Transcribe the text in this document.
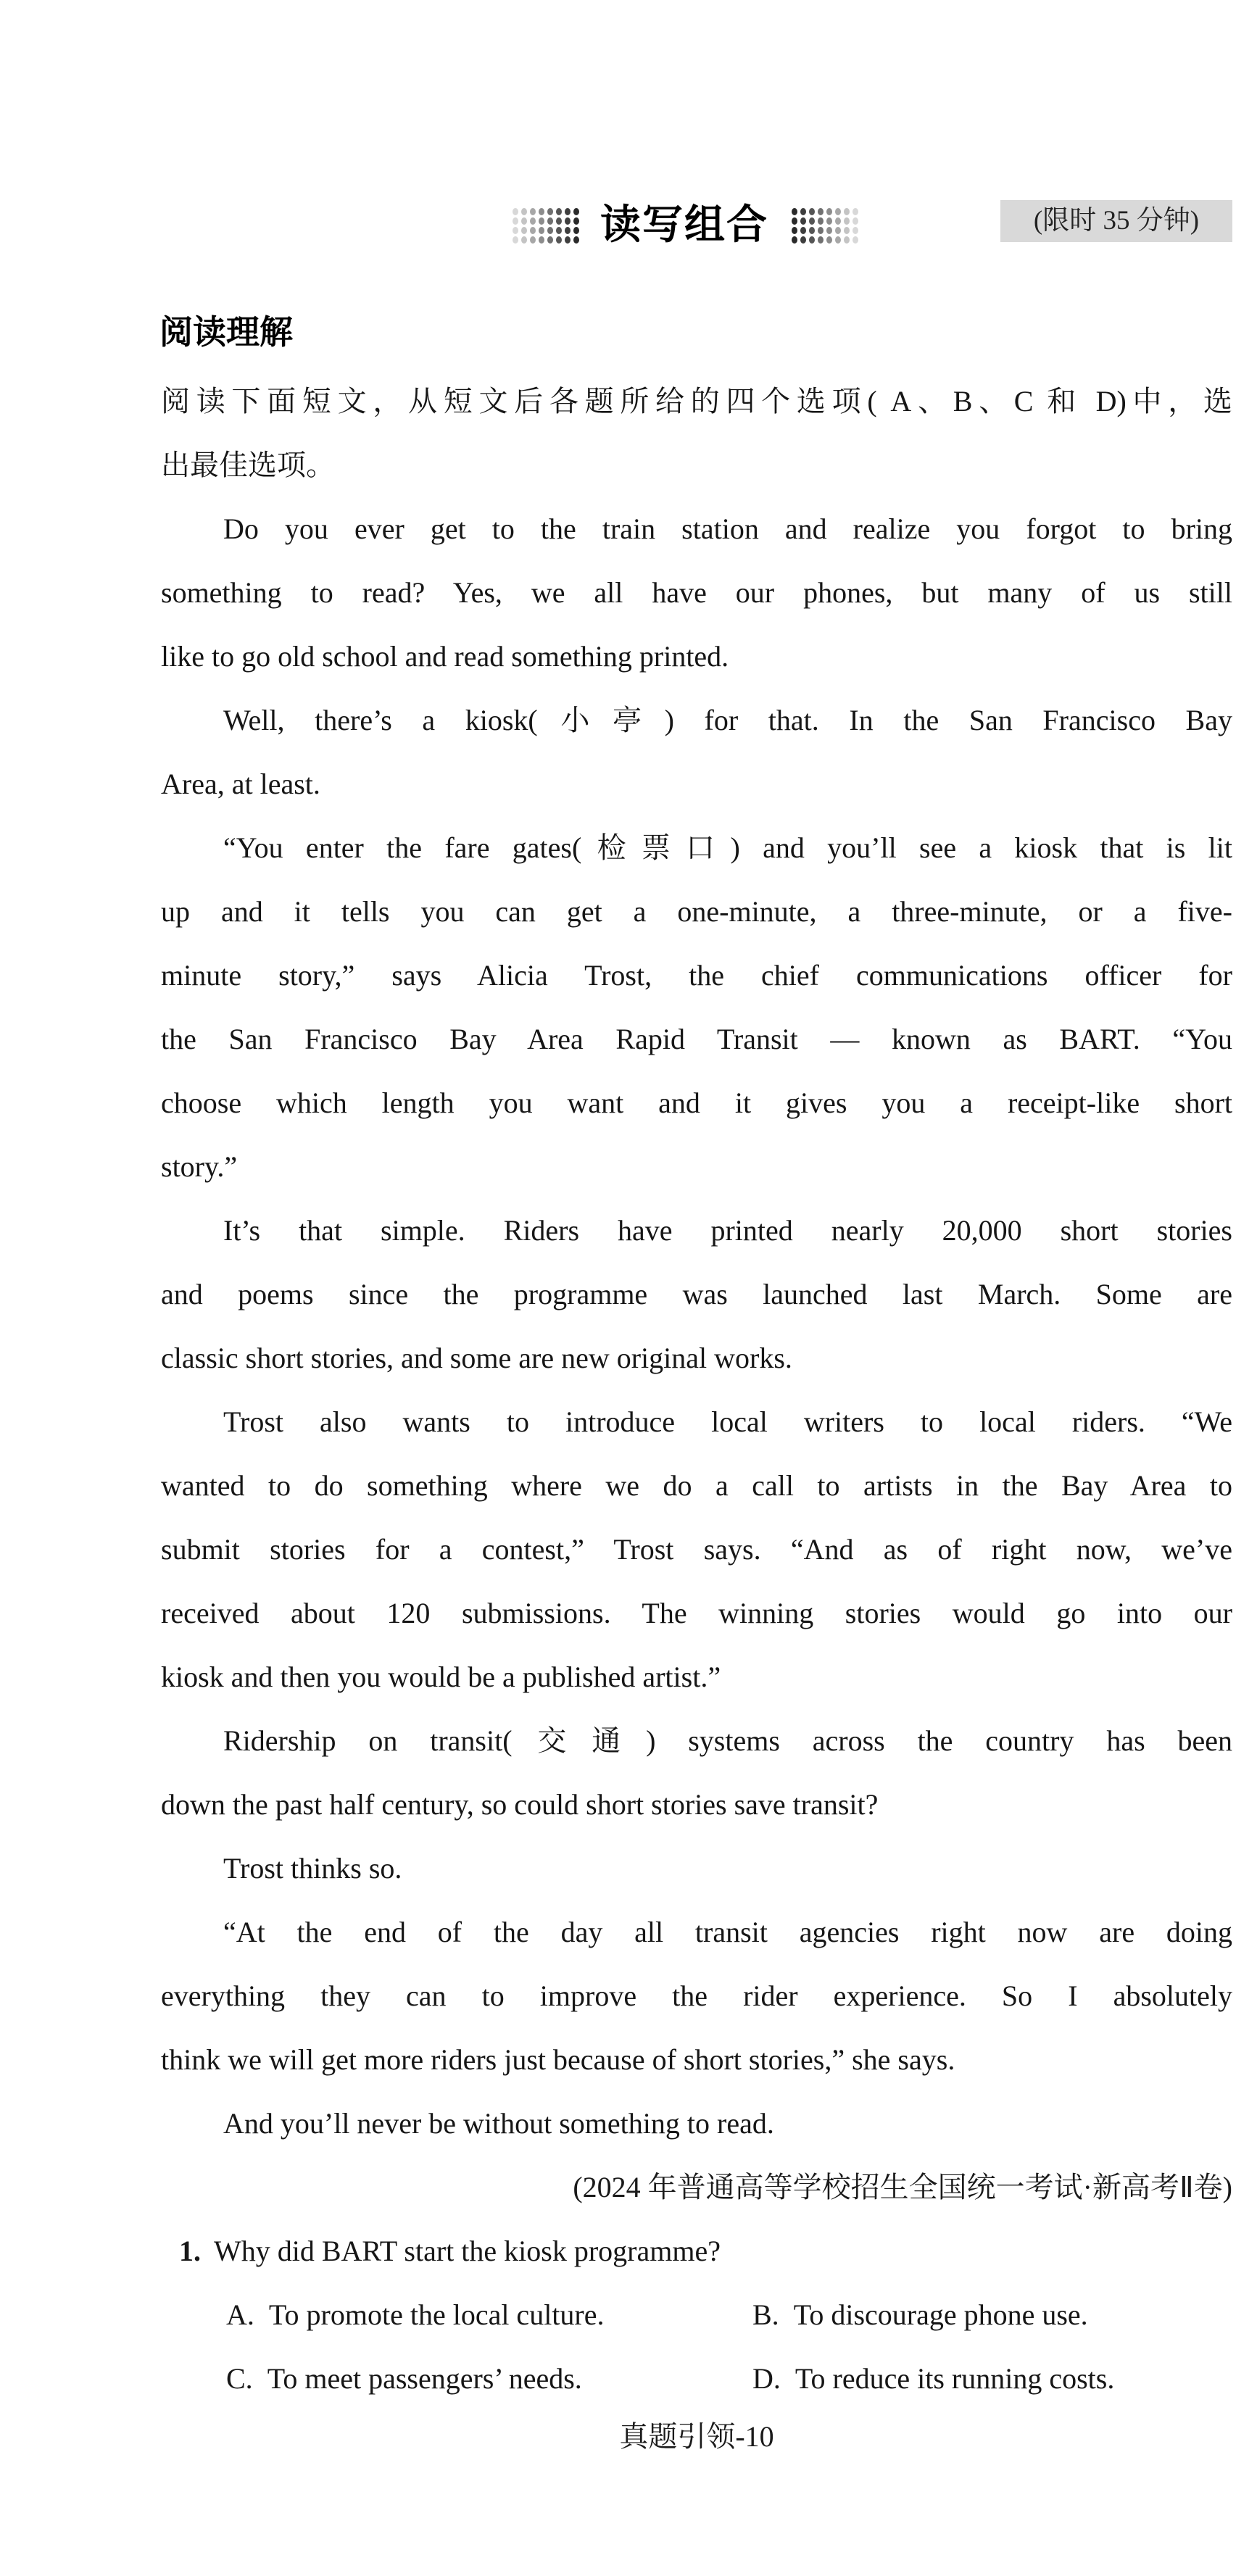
读写组合	(限时 35 分钟)
阅读理解
阅读下面短文，从短文后各题所给的四个选项( A、B、C 和 D)中，选
出最佳选项。
Do you ever get to the train station and realize you forgot to bring
something to read? Yes, we all have our phones, but many of us still
like to go old school and read something printed.
Well, there’s a kiosk(小亭) for that. In the San Francisco Bay
Area, at least.
“You enter the fare gates(检票口) and you’ll see a kiosk that is lit
up and it tells you can get a one-minute, a three-minute, or a five-
minute story,” says Alicia Trost, the chief communications officer for
the San Francisco Bay Area Rapid Transit — known as BART. “You
choose which length you want and it gives you a receipt-like short
story.”
It’s that simple. Riders have printed nearly 20,000 short stories
and poems since the programme was launched last March. Some are
classic short stories, and some are new original works.
Trost also wants to introduce local writers to local riders. “We
wanted to do something where we do a call to artists in the Bay Area to
submit stories for a contest,” Trost says. “And as of right now, we’ve
received about 120 submissions. The winning stories would go into our
kiosk and then you would be a published artist.”
Ridership on transit(交通) systems across the country has been
down the past half century, so could short stories save transit?
Trost thinks so.
“At the end of the day all transit agencies right now are doing
everything they can to improve the rider experience. So I absolutely
think we will get more riders just because of short stories,” she says.
And you’ll never be without something to read.
(2024 年普通高等学校招生全国统一考试·新高考Ⅱ卷)
1. Why did BART start the kiosk programme?
A. To promote the local culture.	B. To discourage phone use.
C. To meet passengers’ needs.	D. To reduce its running costs.
真题引领-10
